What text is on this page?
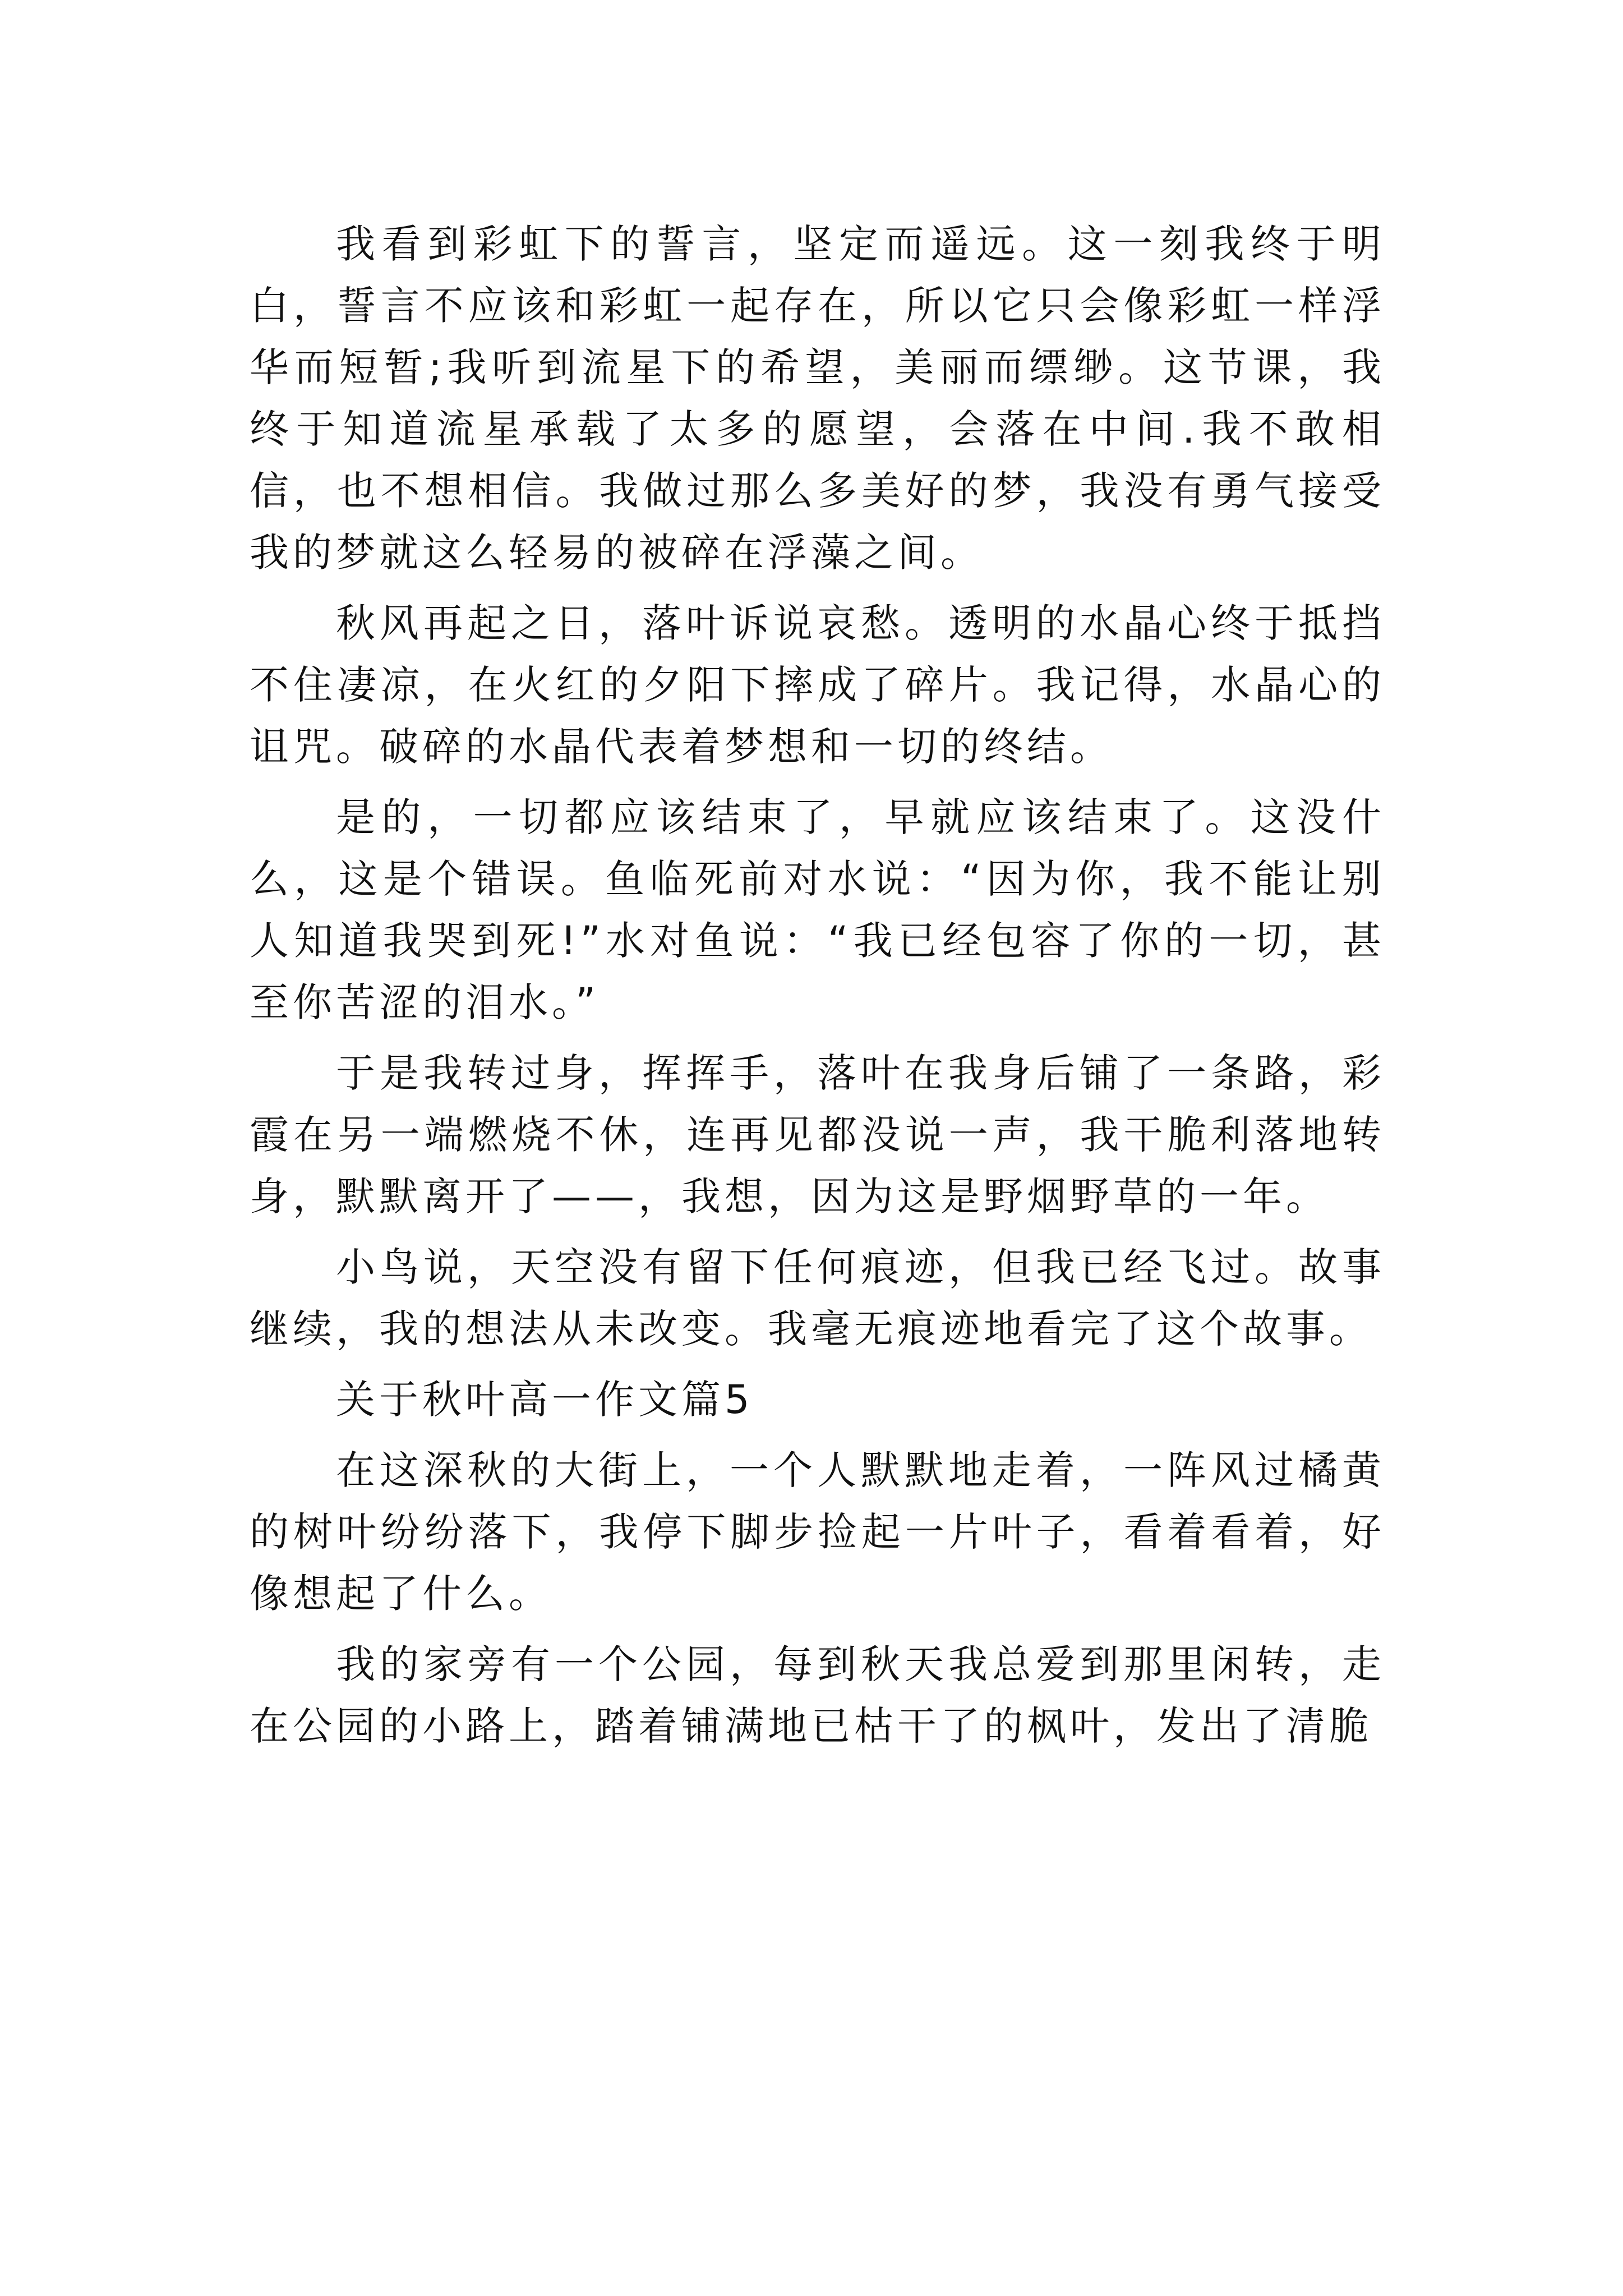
我看到彩虹下的誓言，坚定而遥远。这一刻我终于明白，誓言不应该和彩虹一起存在，所以它只会像彩虹一样浮华而短暂;我听到流星下的希望，美丽而缥缈。这节课，我终于知道流星承载了太多的愿望，会落在中间.我不敢相信，也不想相信。我做过那么多美好的梦，我没有勇气接受我的梦就这么轻易的被碎在浮藻之间。

秋风再起之日，落叶诉说哀愁。透明的水晶心终于抵挡不住凄凉，在火红的夕阳下摔成了碎片。我记得，水晶心的诅咒。破碎的水晶代表着梦想和一切的终结。

是的，一切都应该结束了，早就应该结束了。这没什么，这是个错误。鱼临死前对水说：“因为你，我不能让别人知道我哭到死!”水对鱼说：“我已经包容了你的一切，甚至你苦涩的泪水。”

于是我转过身，挥挥手，落叶在我身后铺了一条路，彩霞在另一端燃烧不休，连再见都没说一声，我干脆利落地转身，默默离开了——，我想，因为这是野烟野草的一年。

小鸟说，天空没有留下任何痕迹，但我已经飞过。故事继续，我的想法从未改变。我毫无痕迹地看完了这个故事。

关于秋叶高一作文篇5

在这深秋的大街上，一个人默默地走着，一阵风过橘黄的树叶纷纷落下，我停下脚步捡起一片叶子，看着看着，好像想起了什么。

我的家旁有一个公园，每到秋天我总爱到那里闲转，走在公园的小路上，踏着铺满地已枯干了的枫叶，发出了清脆
